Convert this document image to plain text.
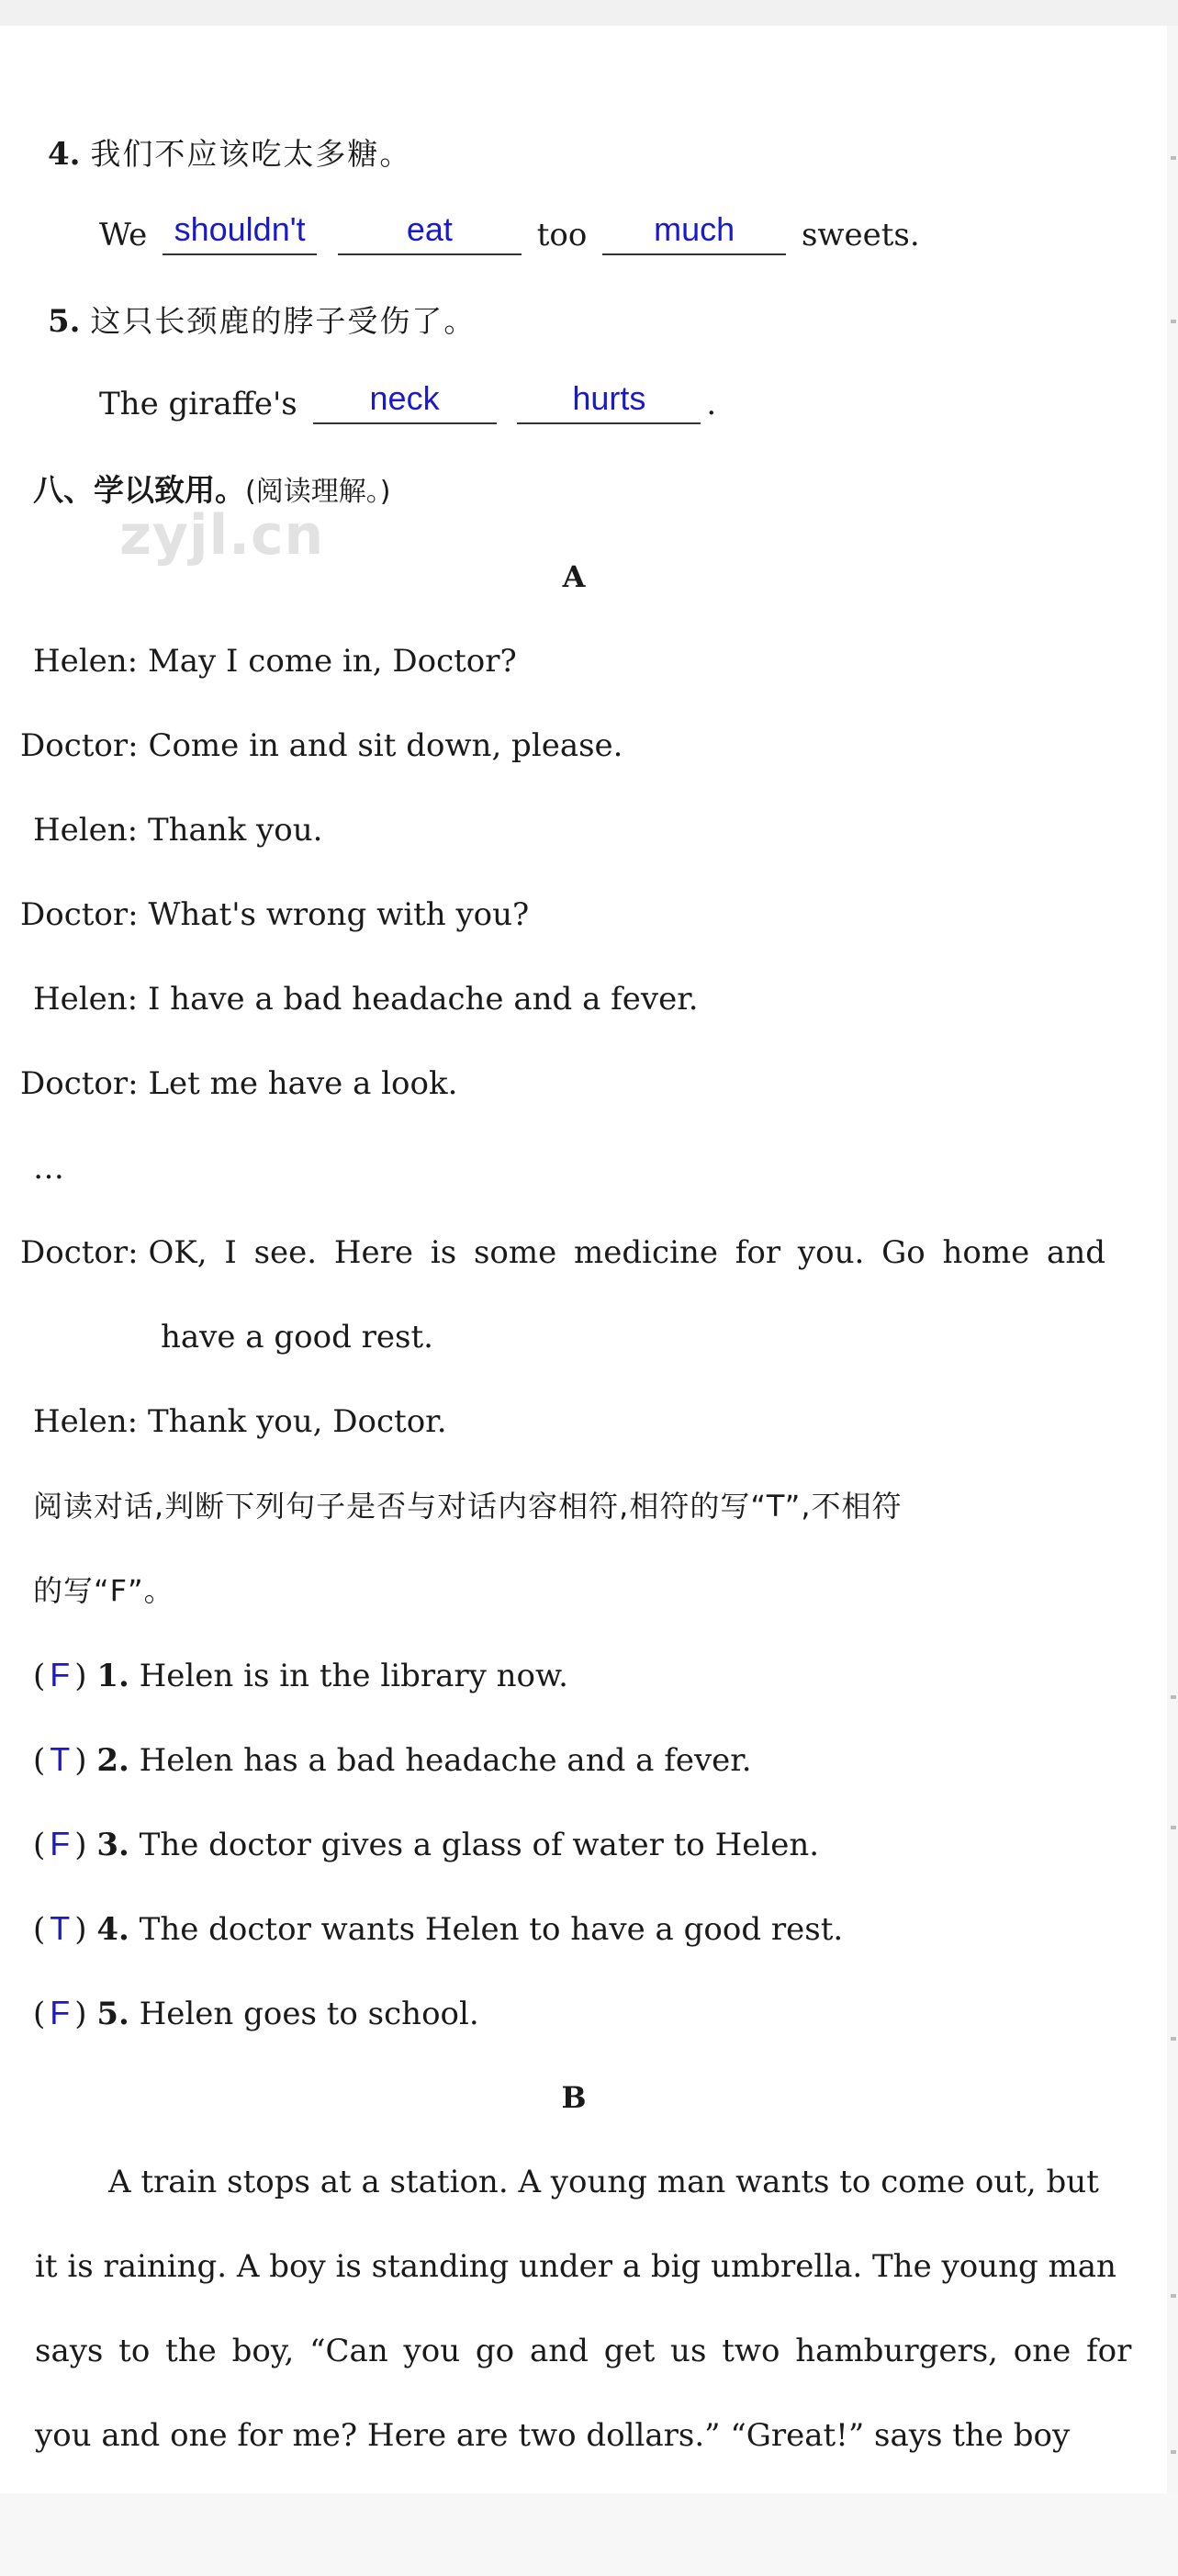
4. 我们不应该吃太多糖。
We shouldn't
	eat	too	much	sweets.
5. 这只长颈鹿的脖子受伤了。
The giraffe's	neck
	hurts	.
八、学以致用。(阅读理解。)
zyjl.cn
A
Helen: May I come in, Doctor?
Doctor: Come in and sit down, please.
Helen: Thank you.
Doctor: What's wrong with you?
Helen: I have a bad headache and a fever.
Doctor: Let me have a look.
…
Doctor: OK, I see. Here is some medicine for you. Go home and
have a good rest.
Helen: Thank you, Doctor.
阅读对话,判断下列句子是否与对话内容相符,相符的写“T”,不相符
的写“F”。
( F ) 1. Helen is in the library now.
( T ) 2. Helen has a bad headache and a fever.
( F ) 3. The doctor gives a glass of water to Helen.
( T ) 4. The doctor wants Helen to have a good rest.
( F ) 5. Helen goes to school.
B
A train stops at a station. A young man wants to come out, but
it is raining. A boy is standing under a big umbrella. The young man
says to the boy, “Can you go and get us two hamburgers, one for
you and one for me? Here are two dollars.” “Great!” says the boy
